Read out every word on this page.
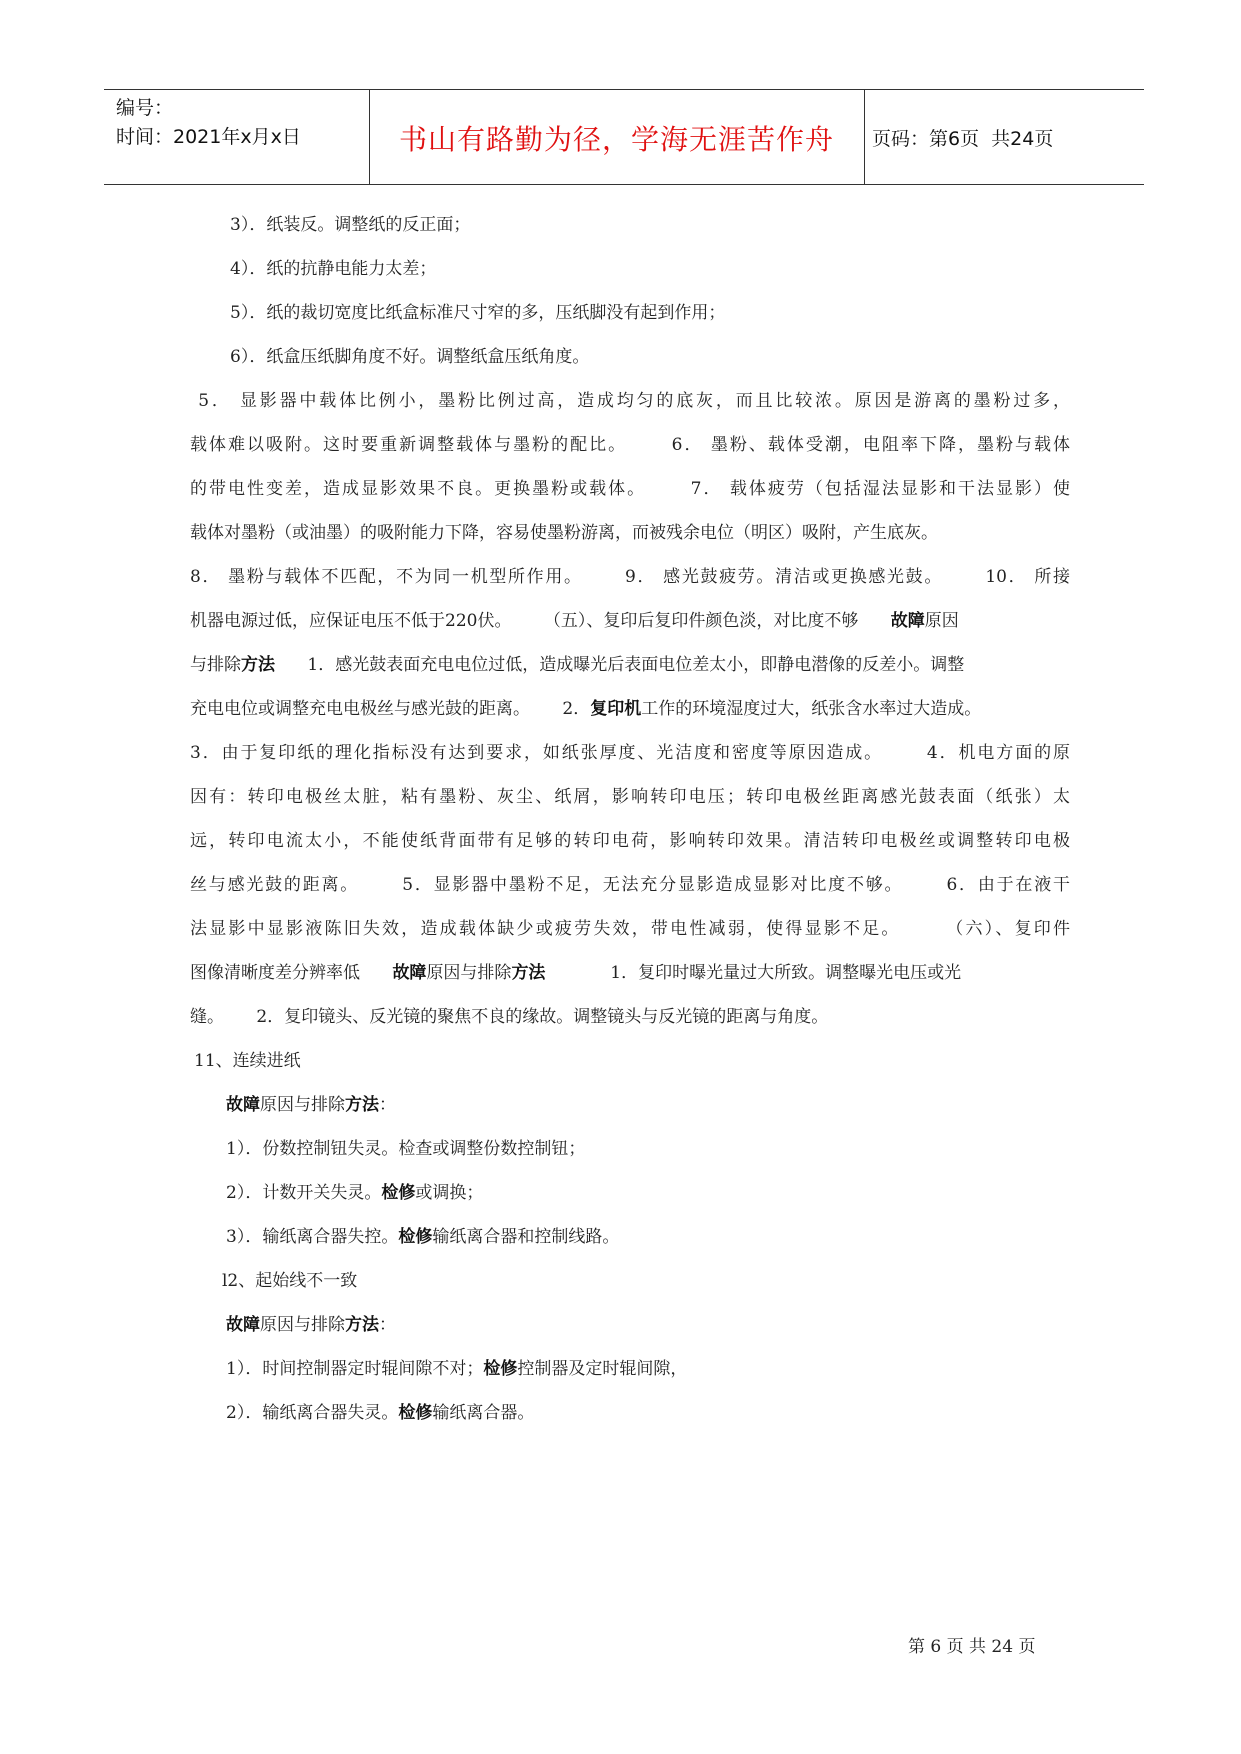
编号：
时间：2021年x月x日	书山有路勤为径，学海无涯苦作舟	页码：第6页  共24页
3）．纸装反。调整纸的反正面；
4）．纸的抗静电能力太差；
5）．纸的裁切宽度比纸盒标准尺寸窄的多，压纸脚没有起到作用；
6）．纸盒压纸脚角度不好。调整纸盒压纸角度。
5． 显影器中载体比例小，墨粉比例过高，造成均匀的底灰，而且比较浓。原因是游离的墨粉过多，
载体难以吸附。这时要重新调整载体与墨粉的配比。      6． 墨粉、载体受潮，电阻率下降，墨粉与载体
的带电性变差，造成显影效果不良。更换墨粉或载体。      7． 载体疲劳（包括湿法显影和干法显影）使
载体对墨粉（或油墨）的吸附能力下降，容易使墨粉游离，而被残余电位（明区）吸附，产生底灰。
8． 墨粉与载体不匹配，不为同一机型所作用。      9． 感光鼓疲劳。清洁或更换感光鼓。      10． 所接
机器电源过低，应保证电压不低于220伏。      （五）、复印后复印件颜色淡，对比度不够      故障原因
与排除方法      1．感光鼓表面充电电位过低，造成曝光后表面电位差太小，即静电潜像的反差小。调整
充电电位或调整充电电极丝与感光鼓的距离。      2．复印机工作的环境湿度过大，纸张含水率过大造成。
3．由于复印纸的理化指标没有达到要求，如纸张厚度、光洁度和密度等原因造成。      4．机电方面的原
因有：转印电极丝太脏，粘有墨粉、灰尘、纸屑，影响转印电压；转印电极丝距离感光鼓表面（纸张）太
远，转印电流太小，不能使纸背面带有足够的转印电荷，影响转印效果。清洁转印电极丝或调整转印电极
丝与感光鼓的距离。      5．显影器中墨粉不足，无法充分显影造成显影对比度不够。      6．由于在液干
法显影中显影液陈旧失效，造成载体缺少或疲劳失效，带电性减弱，使得显影不足。      （六）、复印件
图像清晰度差分辨率低      故障原因与排除方法            1．复印时曝光量过大所致。调整曝光电压或光
缝。      2．复印镜头、反光镜的聚焦不良的缘故。调整镜头与反光镜的距离与角度。
11、连续进纸
故障原因与排除方法：
1）．份数控制钮失灵。检查或调整份数控制钮；
2）．计数开关失灵。检修或调换；
3）．输纸离合器失控。检修输纸离合器和控制线路。
l2、起始线不一致
故障原因与排除方法：
1）．时间控制器定时辊间隙不对；检修控制器及定时辊间隙，
2）．输纸离合器失灵。检修输纸离合器。
第 6 页 共 24 页
